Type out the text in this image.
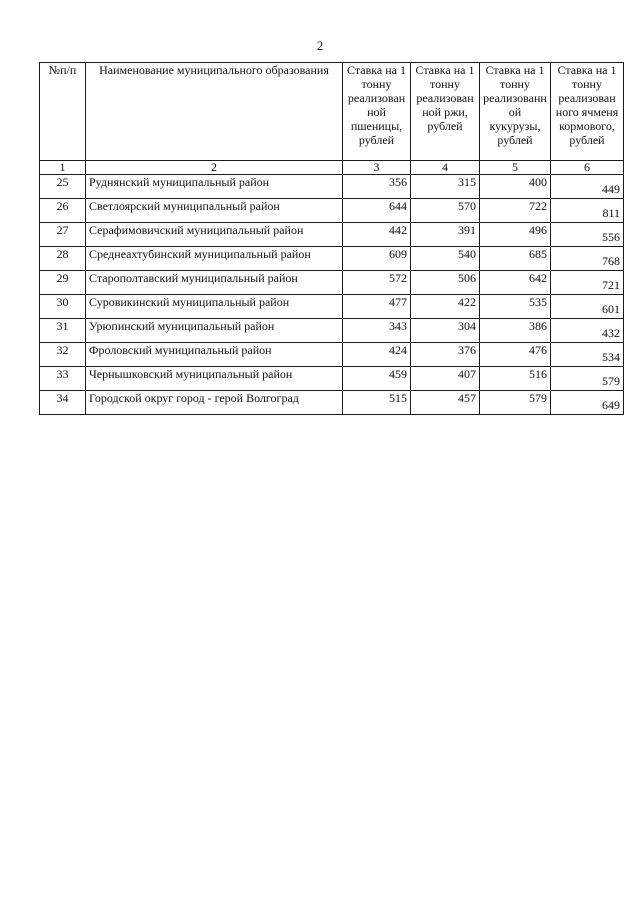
2
№п/п	Наименование муниципального образования	Ставка на 1 тонну реализован ной пшеницы, рублей	Ставка на 1 тонну реализован ной ржи, рублей	Ставка на 1 тонну реализованн ой кукурузы, рублей	Ставка на 1 тонну реализован ного ячменя кормового, рублей
1	2	3	4	5	6
25	Руднянский муниципальный район	356	315	400	449
26	Светлоярский муниципальный район	644	570	722	811
27	Серафимовичский муниципальный район	442	391	496	556
28	Среднеахтубинский муниципальный район	609	540	685	768
29	Старополтавский муниципальный район	572	506	642	721
30	Суровикинский муниципальный район	477	422	535	601
31	Урюпинский муниципальный район	343	304	386	432
32	Фроловский муниципальный район	424	376	476	534
33	Чернышковский муниципальный район	459	407	516	579
34	Городской округ город - герой Волгоград	515	457	579	649
